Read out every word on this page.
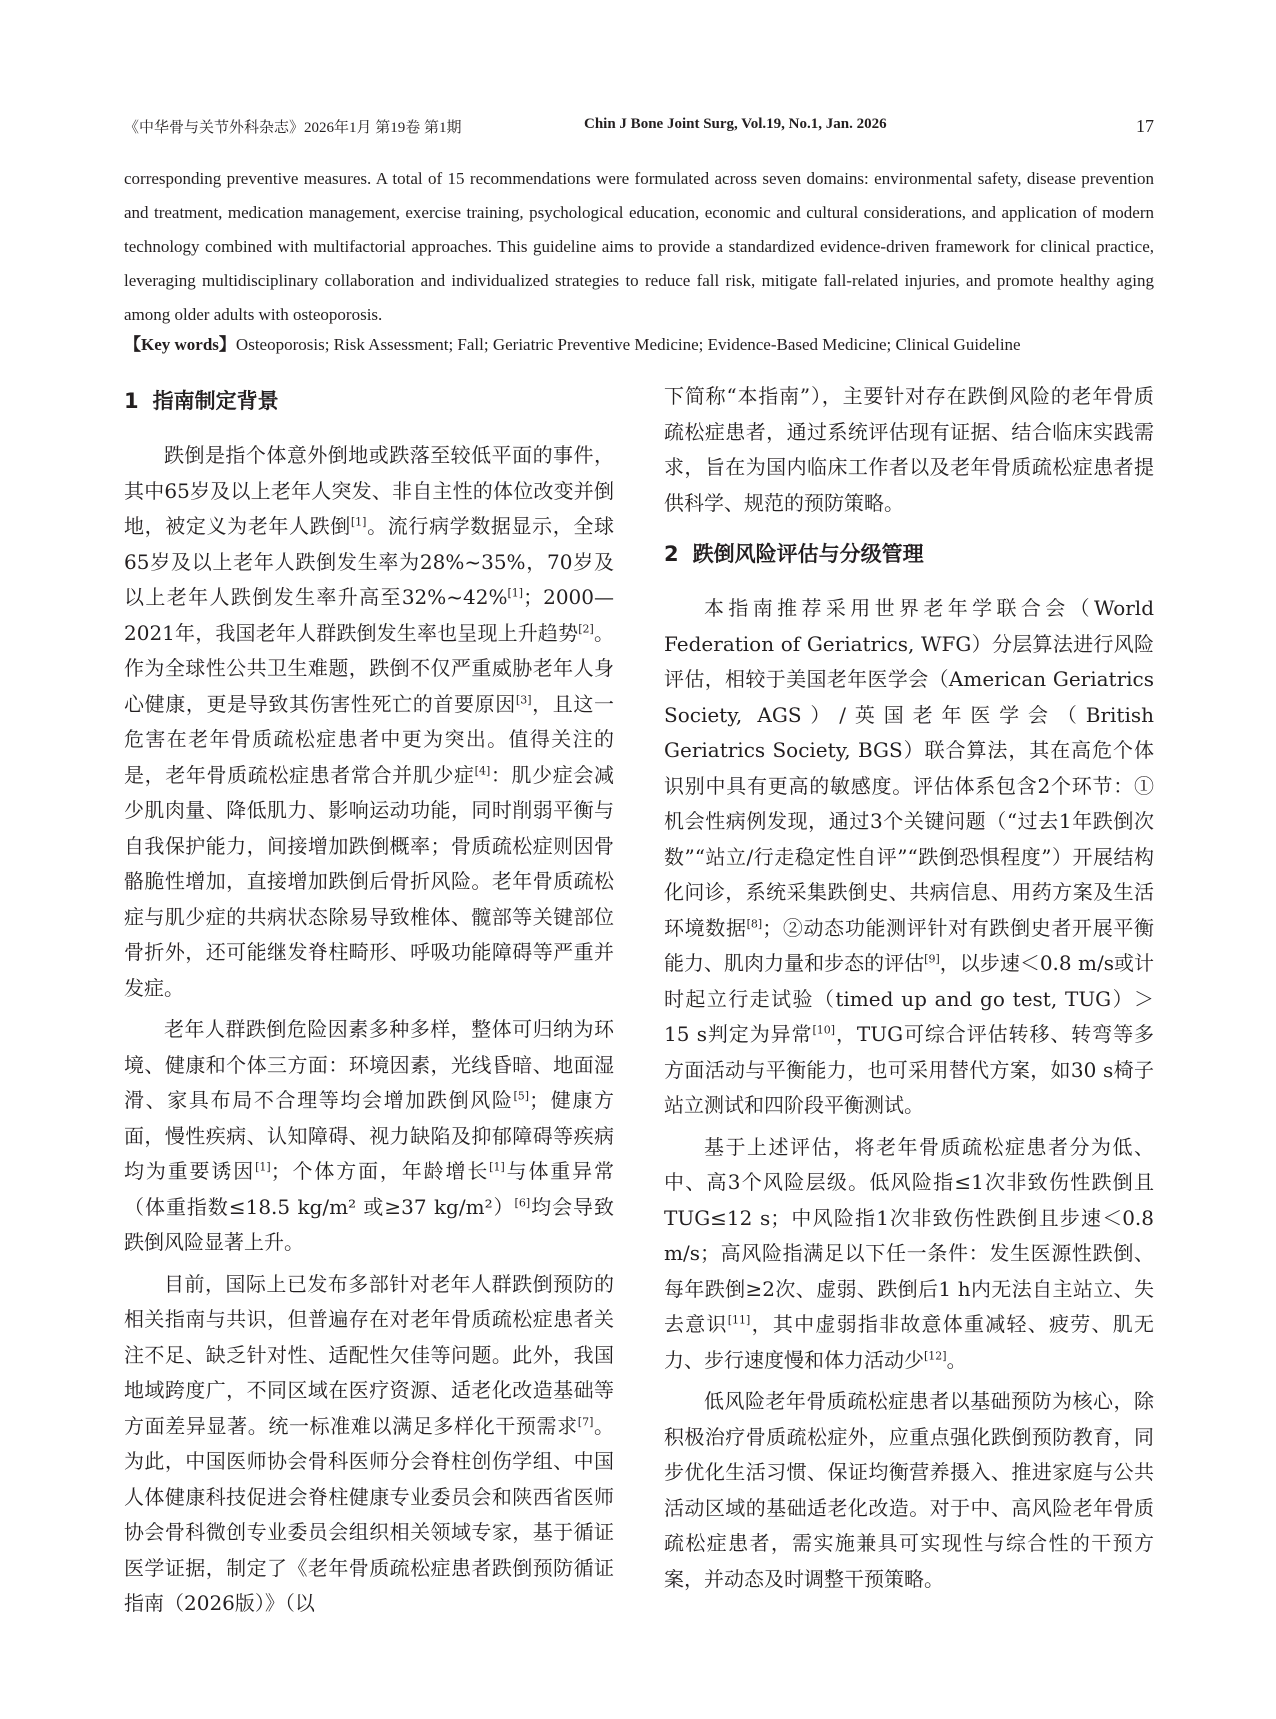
《中华骨与关节外科杂志》2026年1月 第19卷 第1期	Chin J Bone Joint Surg, Vol.19, No.1, Jan. 2026	17

corresponding preventive measures. A total of 15 recommendations were formulated across seven domains: environmental safety, disease prevention and treatment, medication management, exercise training, psychological education, economic and cultural considerations, and application of modern technology combined with multifactorial approaches. This guideline aims to provide a standardized evidence-driven framework for clinical practice, leveraging multidisciplinary collaboration and individualized strategies to reduce fall risk, mitigate fall-related injuries, and promote healthy aging among older adults with osteoporosis.

【Key words】Osteoporosis; Risk Assessment; Fall; Geriatric Preventive Medicine; Evidence-Based Medicine; Clinical Guideline
1 指南制定背景

跌倒是指个体意外倒地或跌落至较低平面的事件，其中65岁及以上老年人突发、非自主性的体位改变并倒地，被定义为老年人跌倒[1]。流行病学数据显示，全球65岁及以上老年人跌倒发生率为28%~35%，70岁及以上老年人跌倒发生率升高至32%~42%[1]；2000—2021年，我国老年人群跌倒发生率也呈现上升趋势[2]。作为全球性公共卫生难题，跌倒不仅严重威胁老年人身心健康，更是导致其伤害性死亡的首要原因[3]，且这一危害在老年骨质疏松症患者中更为突出。值得关注的是，老年骨质疏松症患者常合并肌少症[4]：肌少症会减少肌肉量、降低肌力、影响运动功能，同时削弱平衡与自我保护能力，间接增加跌倒概率；骨质疏松症则因骨骼脆性增加，直接增加跌倒后骨折风险。老年骨质疏松症与肌少症的共病状态除易导致椎体、髋部等关键部位骨折外，还可能继发脊柱畸形、呼吸功能障碍等严重并发症。

老年人群跌倒危险因素多种多样，整体可归纳为环境、健康和个体三方面：环境因素，光线昏暗、地面湿滑、家具布局不合理等均会增加跌倒风险[5]；健康方面，慢性疾病、认知障碍、视力缺陷及抑郁障碍等疾病均为重要诱因[1]；个体方面，年龄增长[1]与体重异常（体重指数≤18.5 kg/m² 或≥37 kg/m²）[6]均会导致跌倒风险显著上升。

目前，国际上已发布多部针对老年人群跌倒预防的相关指南与共识，但普遍存在对老年骨质疏松症患者关注不足、缺乏针对性、适配性欠佳等问题。此外，我国地域跨度广，不同区域在医疗资源、适老化改造基础等方面差异显著。统一标准难以满足多样化干预需求[7]。为此，中国医师协会骨科医师分会脊柱创伤学组、中国人体健康科技促进会脊柱健康专业委员会和陕西省医师协会骨科微创专业委员会组织相关领域专家，基于循证医学证据，制定了《老年骨质疏松症患者跌倒预防循证指南（2026版）》（以

下简称“本指南”），主要针对存在跌倒风险的老年骨质疏松症患者，通过系统评估现有证据、结合临床实践需求，旨在为国内临床工作者以及老年骨质疏松症患者提供科学、规范的预防策略。

2 跌倒风险评估与分级管理

本指南推荐采用世界老年学联合会（World Federation of Geriatrics, WFG）分层算法进行风险评估，相较于美国老年医学会（American Geriatrics Society, AGS）/英国老年医学会（British Geriatrics Society, BGS）联合算法，其在高危个体识别中具有更高的敏感度。评估体系包含2个环节：①机会性病例发现，通过3个关键问题（“过去1年跌倒次数”“站立/行走稳定性自评”“跌倒恐惧程度”）开展结构化问诊，系统采集跌倒史、共病信息、用药方案及生活环境数据[8]；②动态功能测评针对有跌倒史者开展平衡能力、肌肉力量和步态的评估[9]，以步速＜0.8 m/s或计时起立行走试验（timed up and go test, TUG）＞15 s判定为异常[10]，TUG可综合评估转移、转弯等多方面活动与平衡能力，也可采用替代方案，如30 s椅子站立测试和四阶段平衡测试。

基于上述评估，将老年骨质疏松症患者分为低、中、高3个风险层级。低风险指≤1次非致伤性跌倒且TUG≤12 s；中风险指1次非致伤性跌倒且步速＜0.8 m/s；高风险指满足以下任一条件：发生医源性跌倒、每年跌倒≥2次、虚弱、跌倒后1 h内无法自主站立、失去意识[11]，其中虚弱指非故意体重减轻、疲劳、肌无力、步行速度慢和体力活动少[12]。

低风险老年骨质疏松症患者以基础预防为核心，除积极治疗骨质疏松症外，应重点强化跌倒预防教育，同步优化生活习惯、保证均衡营养摄入、推进家庭与公共活动区域的基础适老化改造。对于中、高风险老年骨质疏松症患者，需实施兼具可实现性与综合性的干预方案，并动态及时调整干预策略。
